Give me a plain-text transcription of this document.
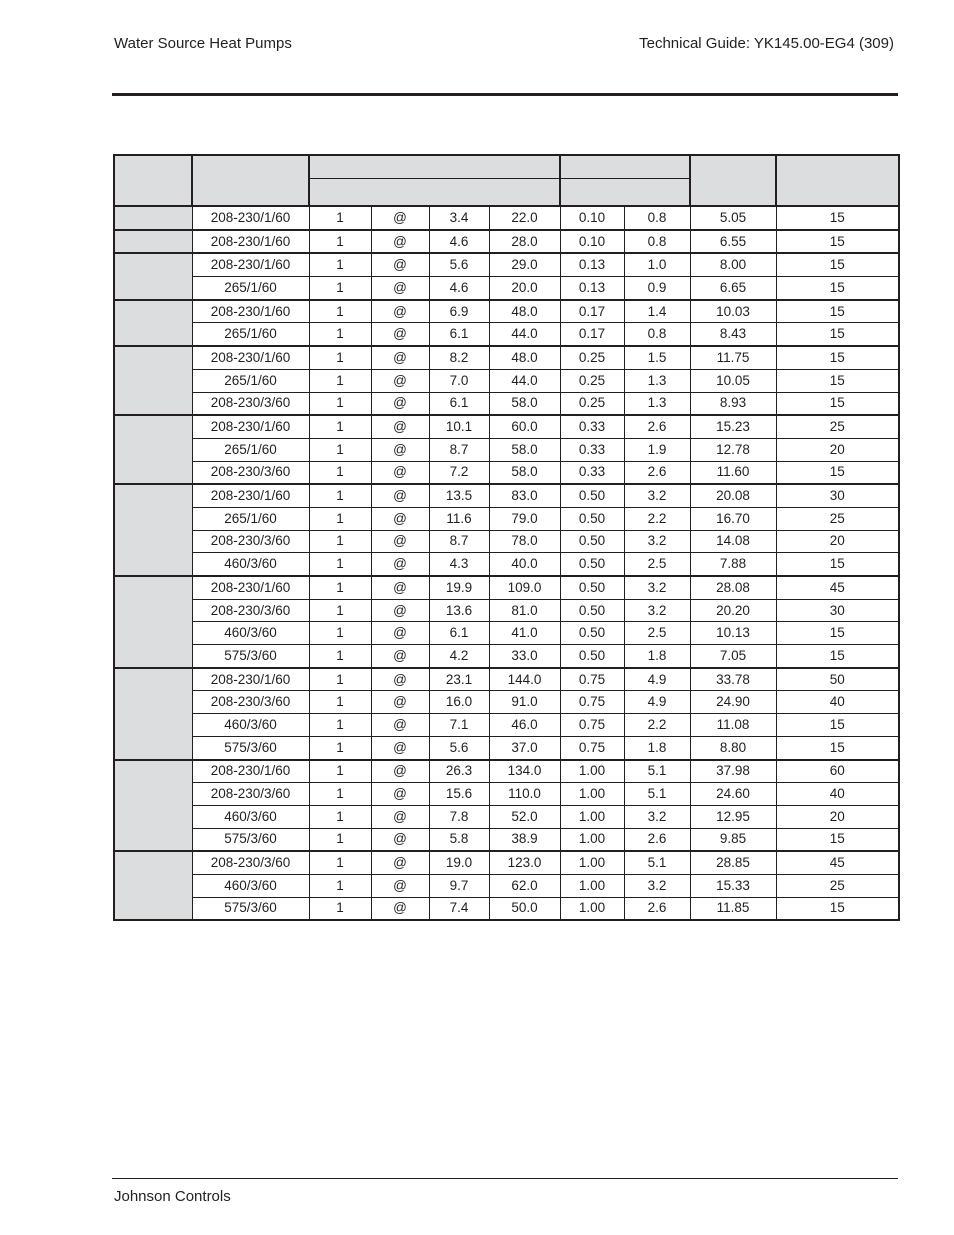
Water Source Heat Pumps	Technical Guide: YK145.00-EG4 (309)

	208-230/1/60	1	@	3.4	22.0	0.10	0.8	5.05	15
	208-230/1/60	1	@	4.6	28.0	0.10	0.8	6.55	15
	208-230/1/60	1	@	5.6	29.0	0.13	1.0	8.00	15
	265/1/60	1	@	4.6	20.0	0.13	0.9	6.65	15
	208-230/1/60	1	@	6.9	48.0	0.17	1.4	10.03	15
	265/1/60	1	@	6.1	44.0	0.17	0.8	8.43	15
	208-230/1/60	1	@	8.2	48.0	0.25	1.5	11.75	15
	265/1/60	1	@	7.0	44.0	0.25	1.3	10.05	15
	208-230/3/60	1	@	6.1	58.0	0.25	1.3	8.93	15
	208-230/1/60	1	@	10.1	60.0	0.33	2.6	15.23	25
	265/1/60	1	@	8.7	58.0	0.33	1.9	12.78	20
	208-230/3/60	1	@	7.2	58.0	0.33	2.6	11.60	15
	208-230/1/60	1	@	13.5	83.0	0.50	3.2	20.08	30
	265/1/60	1	@	11.6	79.0	0.50	2.2	16.70	25
	208-230/3/60	1	@	8.7	78.0	0.50	3.2	14.08	20
	460/3/60	1	@	4.3	40.0	0.50	2.5	7.88	15
	208-230/1/60	1	@	19.9	109.0	0.50	3.2	28.08	45
	208-230/3/60	1	@	13.6	81.0	0.50	3.2	20.20	30
	460/3/60	1	@	6.1	41.0	0.50	2.5	10.13	15
	575/3/60	1	@	4.2	33.0	0.50	1.8	7.05	15
	208-230/1/60	1	@	23.1	144.0	0.75	4.9	33.78	50
	208-230/3/60	1	@	16.0	91.0	0.75	4.9	24.90	40
	460/3/60	1	@	7.1	46.0	0.75	2.2	11.08	15
	575/3/60	1	@	5.6	37.0	0.75	1.8	8.80	15
	208-230/1/60	1	@	26.3	134.0	1.00	5.1	37.98	60
	208-230/3/60	1	@	15.6	110.0	1.00	5.1	24.60	40
	460/3/60	1	@	7.8	52.0	1.00	3.2	12.95	20
	575/3/60	1	@	5.8	38.9	1.00	2.6	9.85	15
	208-230/3/60	1	@	19.0	123.0	1.00	5.1	28.85	45
	460/3/60	1	@	9.7	62.0	1.00	3.2	15.33	25
	575/3/60	1	@	7.4	50.0	1.00	2.6	11.85	15
Johnson Controls
